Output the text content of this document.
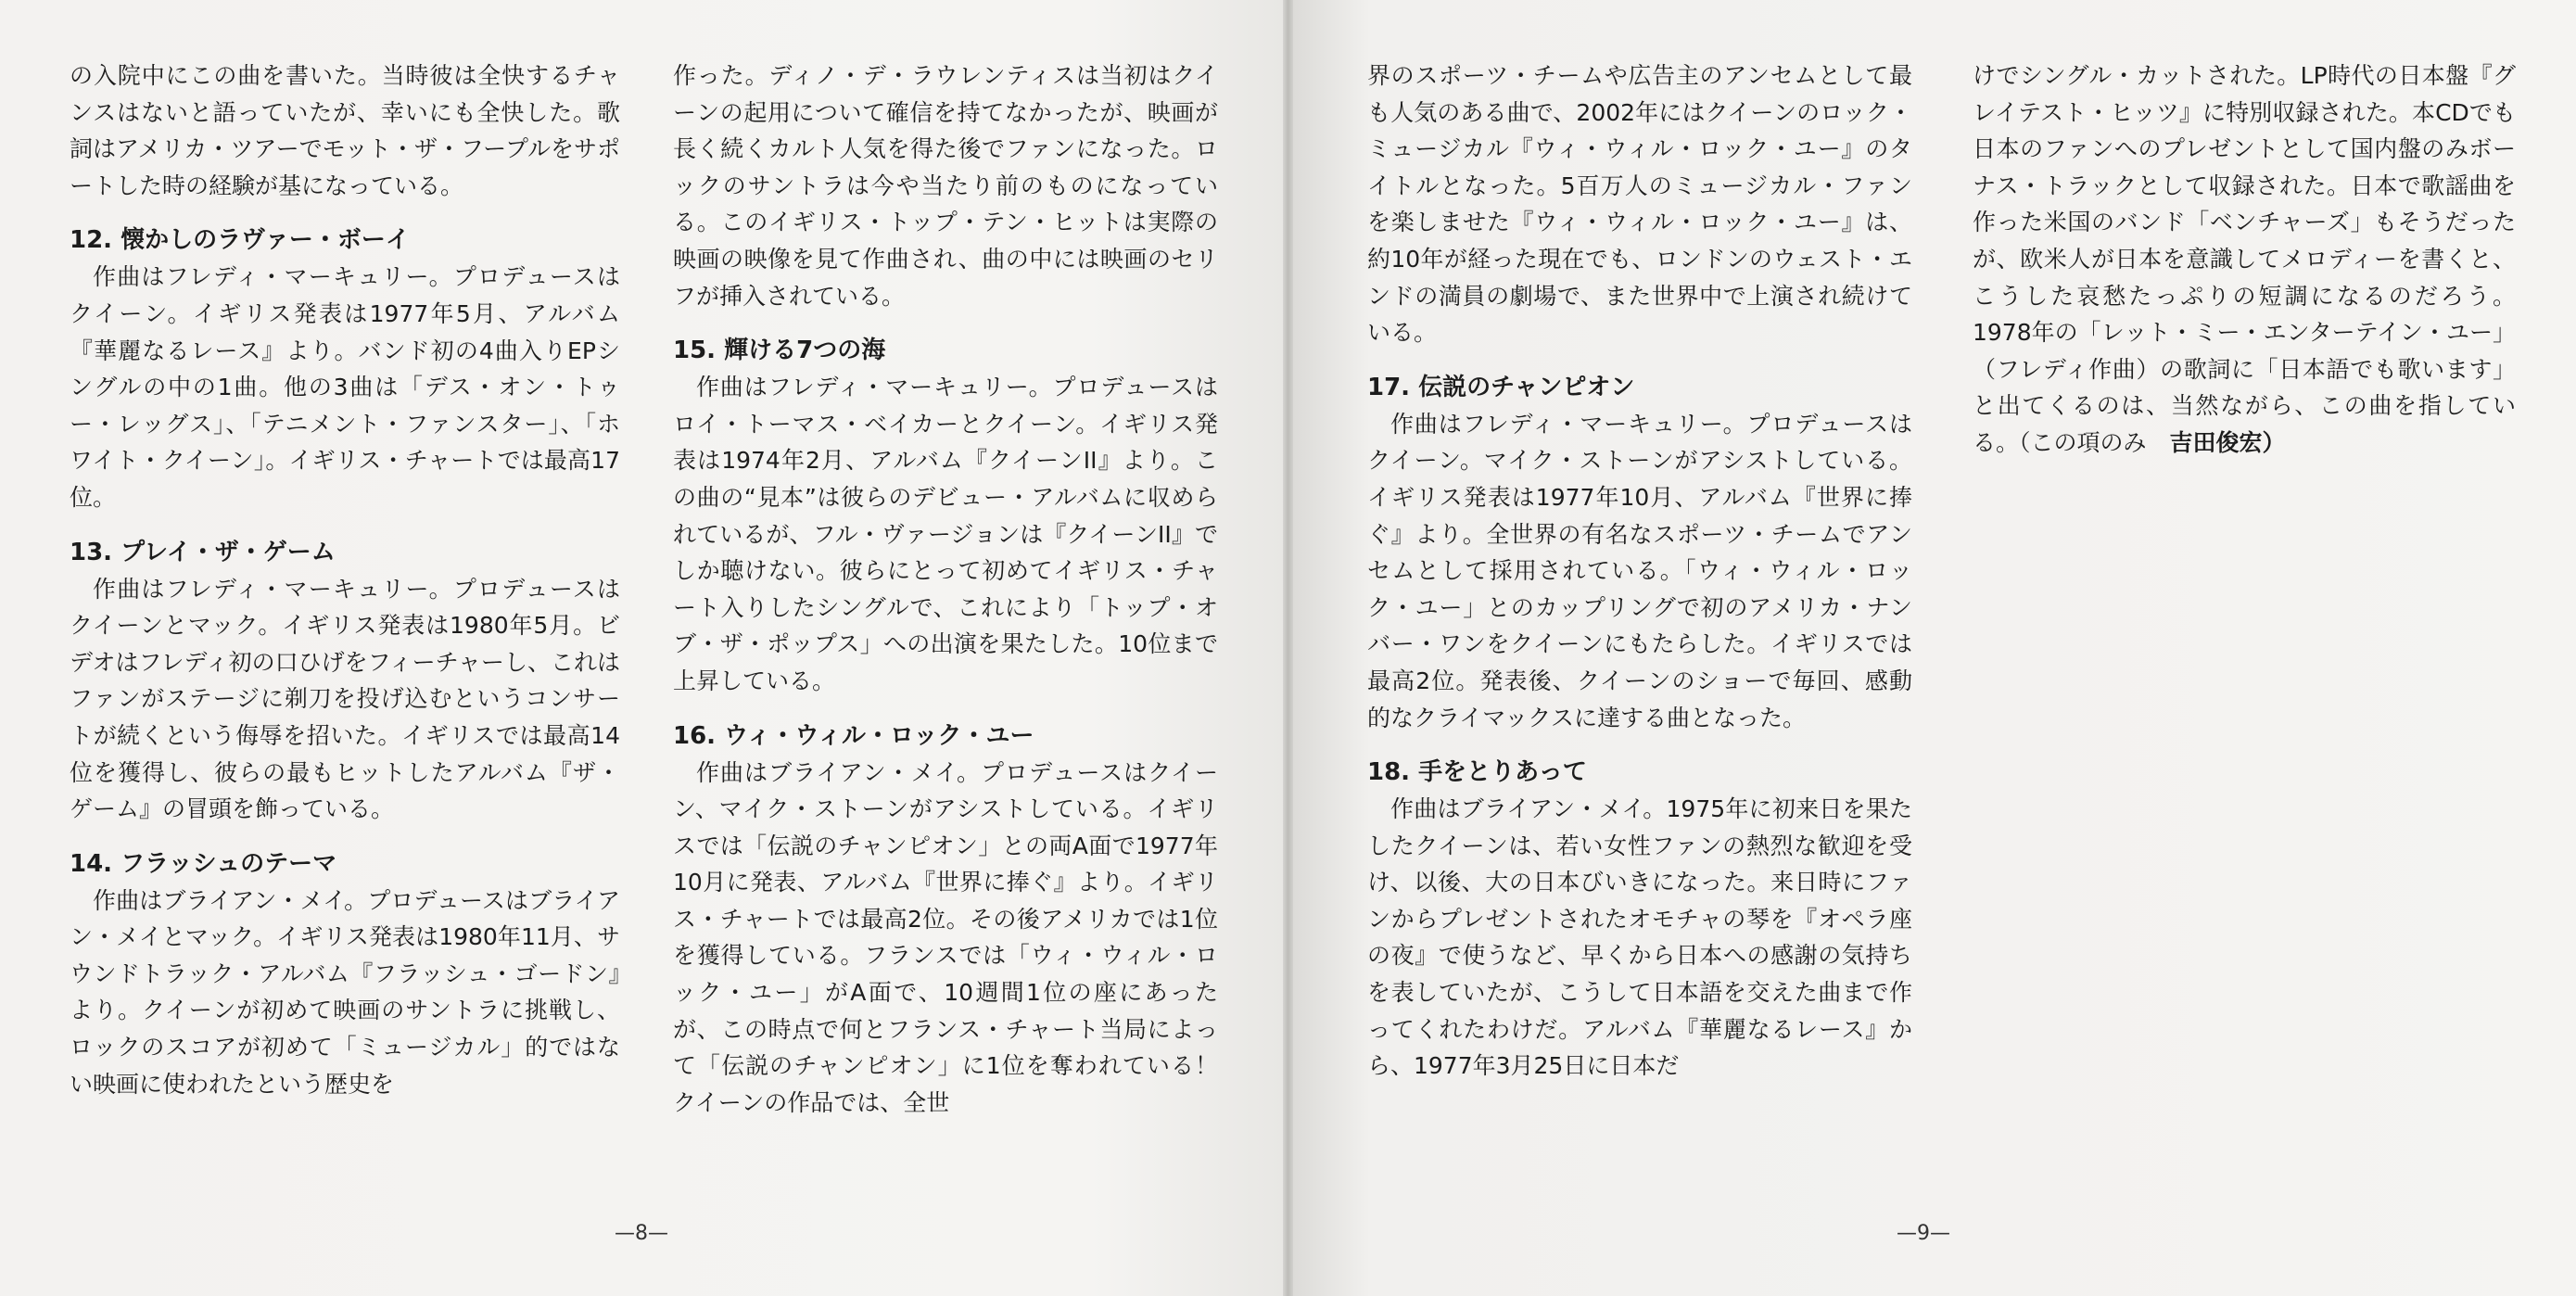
の入院中にこの曲を書いた。当時彼は全快するチャンスはないと語っていたが、幸いにも全快した。歌詞はアメリカ・ツアーでモット・ザ・フープルをサポートした時の経験が基になっている。

12. 懐かしのラヴァー・ボーイ

作曲はフレディ・マーキュリー。プロデュースはクイーン。イギリス発表は1977年5月、アルバム『華麗なるレース』より。バンド初の4曲入りEPシングルの中の1曲。他の3曲は「デス・オン・トゥー・レッグス」、「テニメント・ファンスター」、「ホワイト・クイーン」。イギリス・チャートでは最高17位。

13. プレイ・ザ・ゲーム

作曲はフレディ・マーキュリー。プロデュースはクイーンとマック。イギリス発表は1980年5月。ビデオはフレディ初の口ひげをフィーチャーし、これはファンがステージに剃刀を投げ込むというコンサートが続くという侮辱を招いた。イギリスでは最高14位を獲得し、彼らの最もヒットしたアルバム『ザ・ゲーム』の冒頭を飾っている。

14. フラッシュのテーマ

作曲はブライアン・メイ。プロデュースはブライアン・メイとマック。イギリス発表は1980年11月、サウンドトラック・アルバム『フラッシュ・ゴードン』より。クイーンが初めて映画のサントラに挑戦し、ロックのスコアが初めて「ミュージカル」的ではない映画に使われたという歴史を

作った。ディノ・デ・ラウレンティスは当初はクイーンの起用について確信を持てなかったが、映画が長く続くカルト人気を得た後でファンになった。ロックのサントラは今や当たり前のものになっている。このイギリス・トップ・テン・ヒットは実際の映画の映像を見て作曲され、曲の中には映画のセリフが挿入されている。

15. 輝ける7つの海

作曲はフレディ・マーキュリー。プロデュースはロイ・トーマス・ベイカーとクイーン。イギリス発表は1974年2月、アルバム『クイーンII』より。この曲の“見本”は彼らのデビュー・アルバムに収められているが、フル・ヴァージョンは『クイーンII』でしか聴けない。彼らにとって初めてイギリス・チャート入りしたシングルで、これにより「トップ・オブ・ザ・ポップス」への出演を果たした。10位まで上昇している。

16. ウィ・ウィル・ロック・ユー

作曲はブライアン・メイ。プロデュースはクイーン、マイク・ストーンがアシストしている。イギリスでは「伝説のチャンピオン」との両A面で1977年10月に発表、アルバム『世界に捧ぐ』より。イギリス・チャートでは最高2位。その後アメリカでは1位を獲得している。フランスでは「ウィ・ウィル・ロック・ユー」がA面で、10週間1位の座にあったが、この時点で何とフランス・チャート当局によって「伝説のチャンピオン」に1位を奪われている！ クイーンの作品では、全世

—8—

界のスポーツ・チームや広告主のアンセムとして最も人気のある曲で、2002年にはクイーンのロック・ミュージカル『ウィ・ウィル・ロック・ユー』のタイトルとなった。5百万人のミュージカル・ファンを楽しませた『ウィ・ウィル・ロック・ユー』は、約10年が経った現在でも、ロンドンのウェスト・エンドの満員の劇場で、また世界中で上演され続けている。

17. 伝説のチャンピオン

作曲はフレディ・マーキュリー。プロデュースはクイーン。マイク・ストーンがアシストしている。イギリス発表は1977年10月、アルバム『世界に捧ぐ』より。全世界の有名なスポーツ・チームでアンセムとして採用されている。「ウィ・ウィル・ロック・ユー」とのカップリングで初のアメリカ・ナンバー・ワンをクイーンにもたらした。イギリスでは最高2位。発表後、クイーンのショーで毎回、感動的なクライマックスに達する曲となった。

18. 手をとりあって

作曲はブライアン・メイ。1975年に初来日を果たしたクイーンは、若い女性ファンの熱烈な歓迎を受け、以後、大の日本びいきになった。来日時にファンからプレゼントされたオモチャの琴を『オペラ座の夜』で使うなど、早くから日本への感謝の気持ちを表していたが、こうして日本語を交えた曲まで作ってくれたわけだ。アルバム『華麗なるレース』から、1977年3月25日に日本だ

けでシングル・カットされた。LP時代の日本盤『グレイテスト・ヒッツ』に特別収録された。本CDでも日本のファンへのプレゼントとして国内盤のみボーナス・トラックとして収録された。日本で歌謡曲を作った米国のバンド「ベンチャーズ」もそうだったが、欧米人が日本を意識してメロディーを書くと、こうした哀愁たっぷりの短調になるのだろう。1978年の「レット・ミー・エンターテイン・ユー」（フレディ作曲）の歌詞に「日本語でも歌います」と出てくるのは、当然ながら、この曲を指している。（この項のみ　 吉田俊宏）

—9—
